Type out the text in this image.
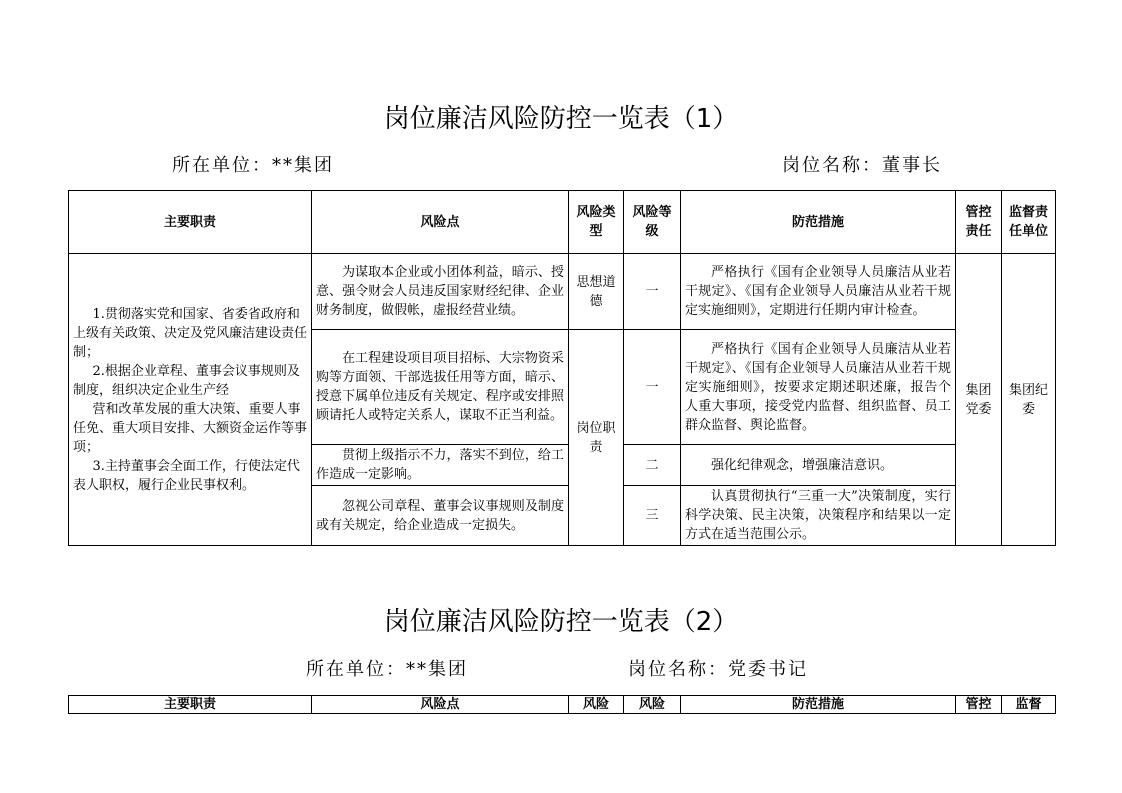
岗位廉洁风险防控一览表（1）
所在单位：**集团	岗位名称：董事长
主要职责	风险点	风险类型	风险等级	防范措施	管控责任	监督责任单位

1.贯彻落实党和国家、省委省政府和上级有关政策、决定及党风廉洁建设责任制；
2.根据企业章程、董事会议事规则及制度，组织决定企业生产经
营和改革发展的重大决策、重要人事任免、重大项目安排、大额资金运作等事项；
3.主持董事会全面工作，行使法定代表人职权，履行企业民事权利。	为谋取本企业或小团体利益，暗示、授意、强令财会人员违反国家财经纪律、企业财务制度，做假帐，虚报经营业绩。	思想道德	一	严格执行《国有企业领导人员廉洁从业若干规定》、《国有企业领导人员廉洁从业若干规定实施细则》，定期进行任期内审计检查。	集团党委	集团纪委
	在工程建设项目项目招标、大宗物资采购等方面领、干部选拔任用等方面，暗示、授意下属单位违反有关规定、程序或安排照顾请托人或特定关系人，谋取不正当利益。	岗位职责	一	严格执行《国有企业领导人员廉洁从业若干规定》、《国有企业领导人员廉洁从业若干规定实施细则》，按要求定期述职述廉，报告个人重大事项，接受党内监督、组织监督、员工群众监督、舆论监督。		
	贯彻上级指示不力，落实不到位，给工作造成一定影响。		二	强化纪律观念，增强廉洁意识。		
	忽视公司章程、董事会议事规则及制度或有关规定，给企业造成一定损失。		三	认真贯彻执行“三重一大”决策制度，实行科学决策、民主决策，决策程序和结果以一定方式在适当范围公示。		
岗位廉洁风险防控一览表（2）
所在单位：**集团	岗位名称：党委书记
主要职责	风险点	风险	风险	防范措施	管控	监督
